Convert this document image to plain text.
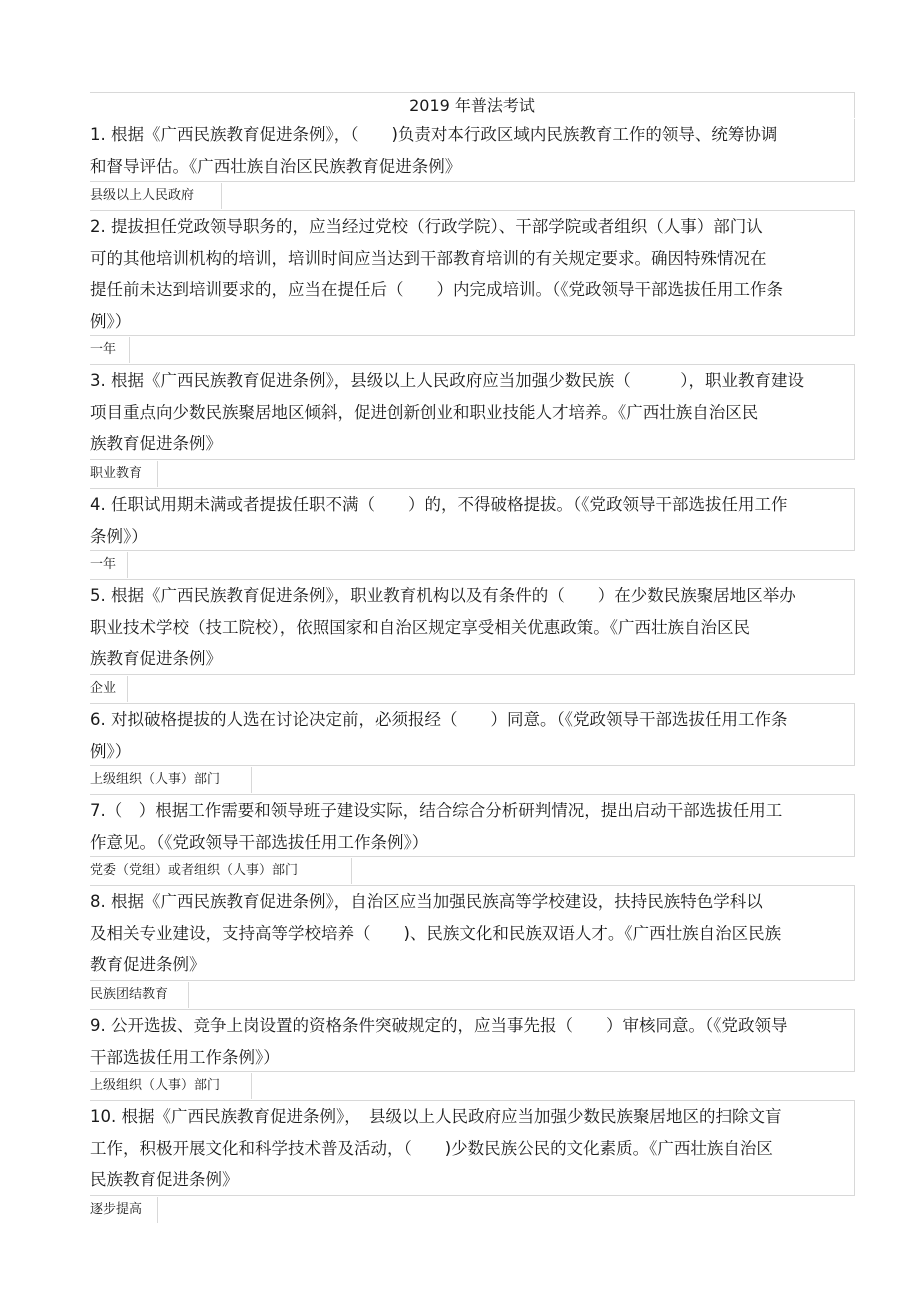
2019 年普法考试
1. 根据《广西民族教育促进条例》，（　　)负责对本行政区域内民族教育工作的领导、统筹协调
和督导评估。《广西壮族自治区民族教育促进条例》
县级以上人民政府
2. 提拔担任党政领导职务的，应当经过党校（行政学院）、干部学院或者组织（人事）部门认
可的其他培训机构的培训，培训时间应当达到干部教育培训的有关规定要求。确因特殊情况在
提任前未达到培训要求的，应当在提任后（　　）内完成培训。（《党政领导干部选拔任用工作条
例》）
一年
3. 根据《广西民族教育促进条例》，县级以上人民政府应当加强少数民族（　　　），职业教育建设
项目重点向少数民族聚居地区倾斜，促进创新创业和职业技能人才培养。《广西壮族自治区民
族教育促进条例》
职业教育
4. 任职试用期未满或者提拔任职不满（　　）的，不得破格提拔。（《党政领导干部选拔任用工作
条例》）
一年
5. 根据《广西民族教育促进条例》，职业教育机构以及有条件的（　　）在少数民族聚居地区举办
职业技术学校（技工院校），依照国家和自治区规定享受相关优惠政策。《广西壮族自治区民
族教育促进条例》
企业
6. 对拟破格提拔的人选在讨论决定前，必须报经（　　）同意。（《党政领导干部选拔任用工作条
例》）
上级组织（人事）部门
7.（　）根据工作需要和领导班子建设实际，结合综合分析研判情况，提出启动干部选拔任用工
作意见。（《党政领导干部选拔任用工作条例》）
党委（党组）或者组织（人事）部门
8. 根据《广西民族教育促进条例》，自治区应当加强民族高等学校建设，扶持民族特色学科以
及相关专业建设，支持高等学校培养（　　)、民族文化和民族双语人才。《广西壮族自治区民族
教育促进条例》
民族团结教育
9. 公开选拔、竞争上岗设置的资格条件突破规定的，应当事先报（　　）审核同意。（《党政领导
干部选拔任用工作条例》）
上级组织（人事）部门
10. 根据《广西民族教育促进条例》，　县级以上人民政府应当加强少数民族聚居地区的扫除文盲
工作，积极开展文化和科学技术普及活动，（　　)少数民族公民的文化素质。《广西壮族自治区
民族教育促进条例》
逐步提高
